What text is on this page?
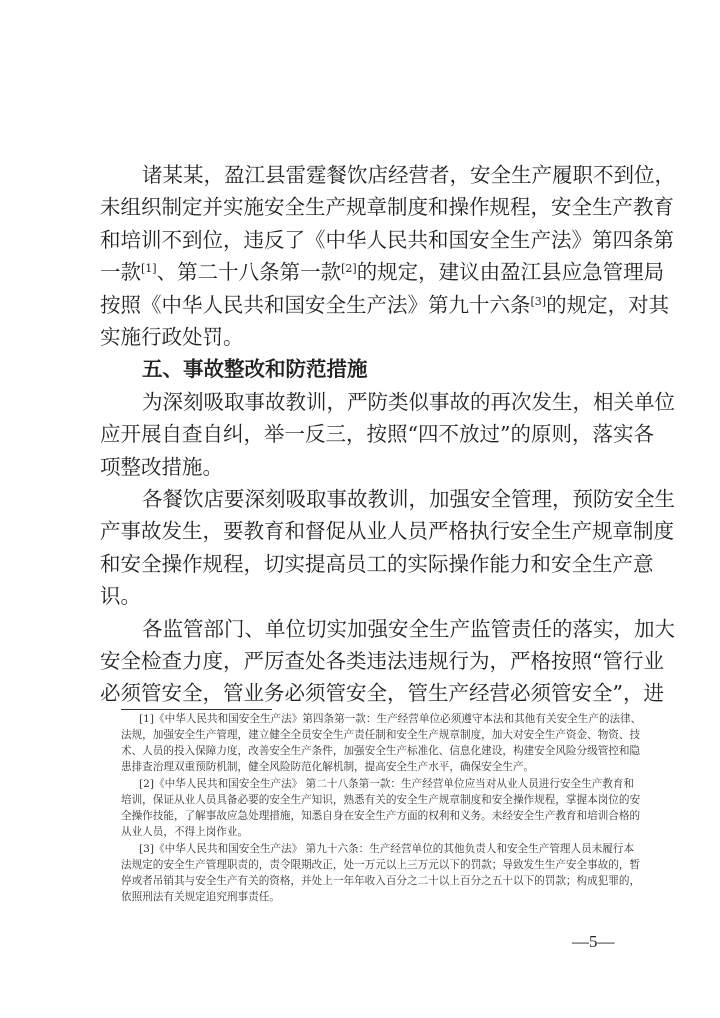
诸某某，盈江县雷霆餐饮店经营者，安全生产履职不到位，
未组织制定并实施安全生产规章制度和操作规程，安全生产教育
和培训不到位，违反了《中华人民共和国安全生产法》第四条第
一款[1]、第二十八条第一款[2]的规定，建议由盈江县应急管理局
按照《中华人民共和国安全生产法》第九十六条[3]的规定，对其
实施行政处罚。
五、事故整改和防范措施
为深刻吸取事故教训，严防类似事故的再次发生，相关单位
应开展自查自纠，举一反三，按照“四不放过”的原则，落实各
项整改措施。
各餐饮店要深刻吸取事故教训，加强安全管理，预防安全生
产事故发生，要教育和督促从业人员严格执行安全生产规章制度
和安全操作规程，切实提高员工的实际操作能力和安全生产意
识。
各监管部门、单位切实加强安全生产监管责任的落实，加大
安全检查力度，严厉查处各类违法违规行为，严格按照“管行业
必须管安全，管业务必须管安全，管生产经营必须管安全”，进
[1]《中华人民共和国安全生产法》第四条第一款：生产经营单位必须遵守本法和其他有关安全生产的法律、
法规，加强安全生产管理，建立健全全员安全生产责任制和安全生产规章制度，加大对安全生产资金、物资、技
术、人员的投入保障力度，改善安全生产条件，加强安全生产标准化、信息化建设，构建安全风险分级管控和隐
患排查治理双重预防机制，健全风险防范化解机制，提高安全生产水平，确保安全生产。
[2]《中华人民共和国安全生产法》 第二十八条第一款：生产经营单位应当对从业人员进行安全生产教育和
培训，保证从业人员具备必要的安全生产知识，熟悉有关的安全生产规章制度和安全操作规程，掌握本岗位的安
全操作技能，了解事故应急处理措施，知悉自身在安全生产方面的权利和义务。未经安全生产教育和培训合格的
从业人员，不得上岗作业。
[3]《中华人民共和国安全生产法》 第九十六条：生产经营单位的其他负责人和安全生产管理人员未履行本
法规定的安全生产管理职责的，责令限期改正，处一万元以上三万元以下的罚款；导致发生生产安全事故的，暂
停或者吊销其与安全生产有关的资格，并处上一年年收入百分之二十以上百分之五十以下的罚款；构成犯罪的，
依照刑法有关规定追究刑事责任。
—5—
